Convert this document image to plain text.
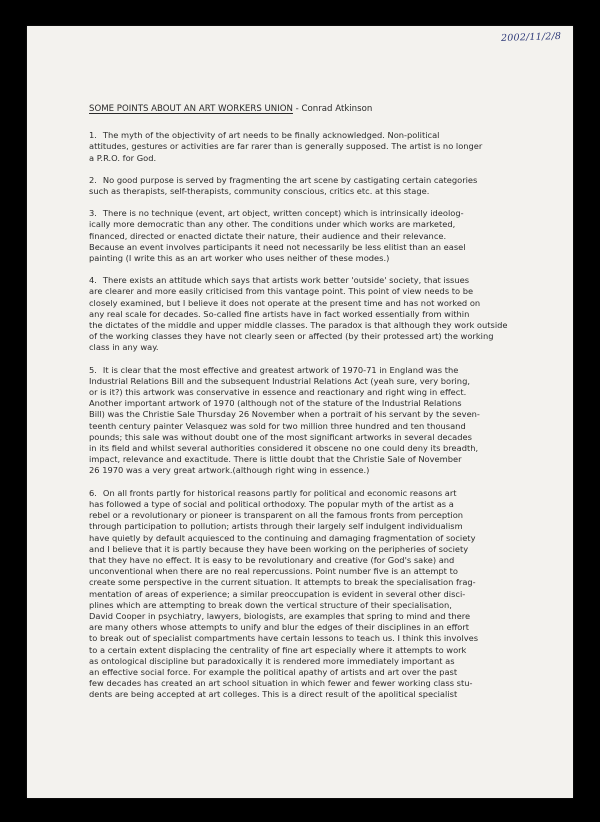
2002/11/2/8
SOME POINTS ABOUT AN ART WORKERS UNION - Conrad Atkinson
1. The myth of the objectivity of art needs to be finally acknowledged. Non-political
attitudes, gestures or activities are far rarer than is generally supposed. The artist is no longer
a P.R.O. for God.
2. No good purpose is served by fragmenting the art scene by castigating certain categories
such as therapists, self-therapists, community conscious, critics etc. at this stage.
3. There is no technique (event, art object, written concept) which is intrinsically ideolog-
ically more democratic than any other. The conditions under which works are marketed,
financed, directed or enacted dictate their nature, their audience and their relevance.
Because an event involves participants it need not necessarily be less elitist than an easel
painting (I write this as an art worker who uses neither of these modes.)
4. There exists an attitude which says that artists work better 'outside' society, that issues
are clearer and more easily criticised from this vantage point. This point of view needs to be
closely examined, but I believe it does not operate at the present time and has not worked on
any real scale for decades. So-called fine artists have in fact worked essentially from within
the dictates of the middle and upper middle classes. The paradox is that although they work outside
of the working classes they have not clearly seen or affected (by their protessed art) the working
class in any way.
5. It is clear that the most effective and greatest artwork of 1970-71 in England was the
Industrial Relations Bill and the subsequent Industrial Relations Act (yeah sure, very boring,
or is it?) this artwork was conservative in essence and reactionary and right wing in effect.
Another important artwork of 1970 (although not of the stature of the Industrial Relations
Bill) was the Christie Sale Thursday 26 November when a portrait of his servant by the seven-
teenth century painter Velasquez was sold for two million three hundred and ten thousand
pounds; this sale was without doubt one of the most significant artworks in several decades
in its field and whilst several authorities considered it obscene no one could deny its breadth,
impact, relevance and exactitude. There is little doubt that the Christie Sale of November
26 1970 was a very great artwork.(although right wing in essence.)
6. On all fronts partly for historical reasons partly for political and economic reasons art
has followed a type of social and political orthodoxy. The popular myth of the artist as a
rebel or a revolutionary or pioneer is transparent on all the famous fronts from perception
through participation to pollution; artists through their largely self indulgent individualism
have quietly by default acquiesced to the continuing and damaging fragmentation of society
and I believe that it is partly because they have been working on the peripheries of society
that they have no effect. It is easy to be revolutionary and creative (for God's sake) and
unconventional when there are no real repercussions. Point number five is an attempt to
create some perspective in the current situation. It attempts to break the specialisation frag-
mentation of areas of experience; a similar preoccupation is evident in several other disci-
plines which are attempting to break down the vertical structure of their specialisation,
David Cooper in psychiatry, lawyers, biologists, are examples that spring to mind and there
are many others whose attempts to unify and blur the edges of their disciplines in an effort
to break out of specialist compartments have certain lessons to teach us. I think this involves
to a certain extent displacing the centrality of fine art especially where it attempts to work
as ontological discipline but paradoxically it is rendered more immediately important as
an effective social force. For example the political apathy of artists and art over the past
few decades has created an art school situation in which fewer and fewer working class stu-
dents are being accepted at art colleges. This is a direct result of the apolitical specialist
